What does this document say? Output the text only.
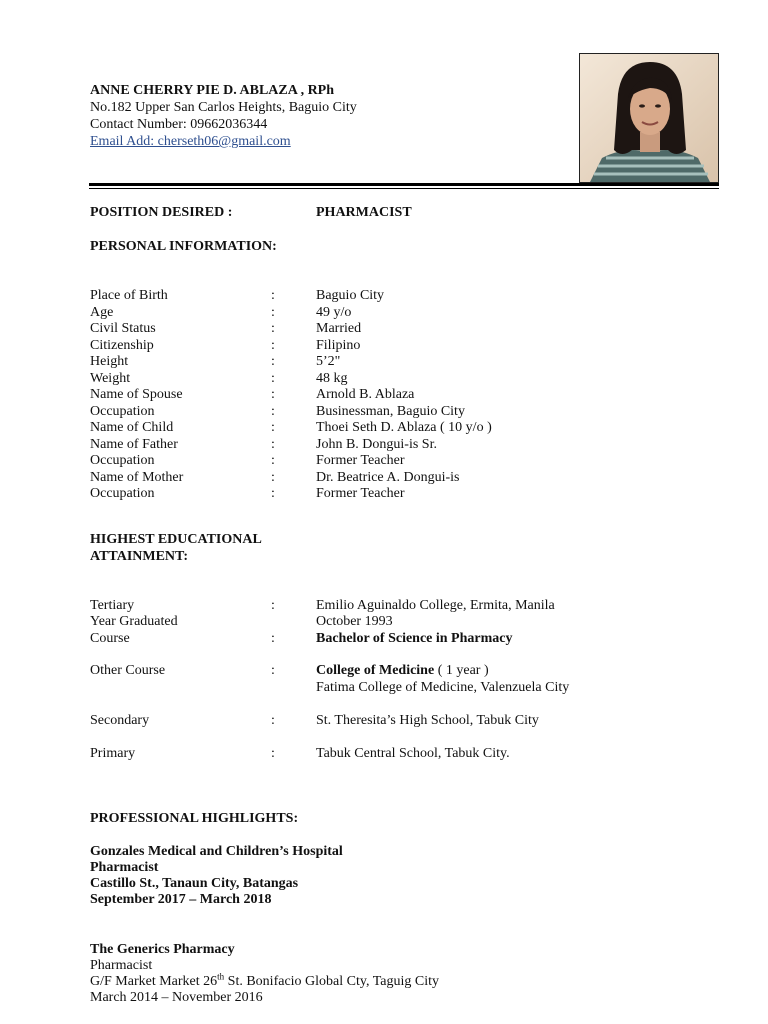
ANNE CHERRY PIE D. ABLAZA , RPh
No.182 Upper San Carlos Heights, Baguio City
Contact Number: 09662036344
Email Add: cherseth06@gmail.com
POSITION DESIRED :	PHARMACIST
PERSONAL INFORMATION:
Place of Birth	:	Baguio City
Age	:	49 y/o
Civil Status	:	Married
Citizenship	:	Filipino
Height	:	5’2"
Weight	:	48 kg
Name of Spouse	:	Arnold B. Ablaza
Occupation	:	Businessman, Baguio City
Name of Child	:	Thoei Seth D. Ablaza ( 10 y/o )
Name of Father	:	John B. Dongui-is Sr.
Occupation	:	Former Teacher
Name of Mother	:	Dr. Beatrice A. Dongui-is
Occupation	:	Former Teacher
HIGHEST EDUCATIONAL
ATTAINMENT:
Tertiary	:	Emilio Aguinaldo College, Ermita, Manila
Year Graduated	October 1993
Course	:	Bachelor of Science in Pharmacy
Other Course	:	College of Medicine ( 1 year )
Fatima College of Medicine, Valenzuela City
Secondary	:	St. Theresita’s High School, Tabuk City
Primary	:	Tabuk Central School, Tabuk City.
PROFESSIONAL HIGHLIGHTS:
Gonzales Medical and Children’s Hospital
Pharmacist
Castillo St., Tanaun City, Batangas
September 2017 – March 2018
The Generics Pharmacy
Pharmacist
G/F Market Market 26th St. Bonifacio Global Cty, Taguig City
March 2014 – November 2016
